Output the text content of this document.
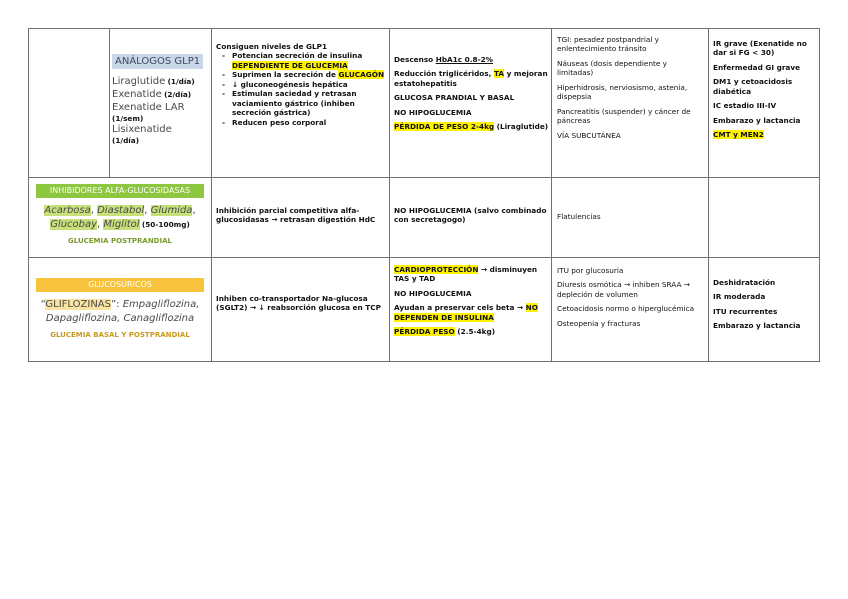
ANÁLOGOS GLP1
Liraglutide (1/día)
Exenatide (2/día)
Exenatide LAR
(1/sem)
Lisixenatide
(1/día)

Consiguen niveles de GLP1

- Potencian secreción de insulina DEPENDIENTE DE GLUCEMIA
- Suprimen la secreción de GLUCAGÓN
- ↓ gluconeogénesis hepática
- Estimulan saciedad y retrasan vaciamiento gástrico (inhiben secreción gástrica)
- Reducen peso corporal

Descenso HbA1c 0.8-2%

Reducción triglicéridos, TA y mejoran estatohepatitis

GLUCOSA PRANDIAL Y BASAL

NO HIPOGLUCEMIA

PÉRDIDA DE PESO 2-4kg (Liraglutide)

TGI: pesadez postpandrial y enlentecimiento tránsito

Náuseas (dosis dependiente y limitadas)

Hiperhidrosis, nerviosismo, astenia, dispepsia

Pancreatitis (suspender) y cáncer de páncreas

VÍA SUBCUTÁNEA

IR grave (Exenatide no dar si FG < 30)

Enfermedad GI grave

DM1 y cetoacidosis diabética

IC estadio III-IV

Embarazo y lactancia

CMT y MEN2

INHIBIDORES ALFA-GLUCOSIDASAS
Acarbosa, Diastabol, Glumida,
Glucobay, Miglitol (50-100mg)
GLUCEMIA POSTPRANDIAL

Inhibición parcial competitiva alfa-glucosidasas → retrasan digestión HdC

NO HIPOGLUCEMIA (salvo combinado con secretagogo)	Flatulencias

GLUCOSÚRICOS
“GLIFLOZINAS”: Empagliflozina, Dapagliflozina, Canagliflozina
GLUCEMIA BASAL Y POSTPRANDIAL

Inhiben co-transportador Na-glucosa (SGLT2) → ↓ reabsorción glucosa en TCP

CARDIOPROTECCIÓN → disminuyen TAS y TAD

NO HIPOGLUCEMIA

Ayudan a preservar cels beta → NO DEPENDEN DE INSULINA

PÉRDIDA PESO (2.5-4kg)

ITU por glucosuria

Diuresis osmótica → inhiben SRAA → depleción de volumen

Cetoacidosis normo o hiperglucémica

Osteopenia y fracturas

Deshidratación

IR moderada

ITU recurrentes

Embarazo y lactancia
